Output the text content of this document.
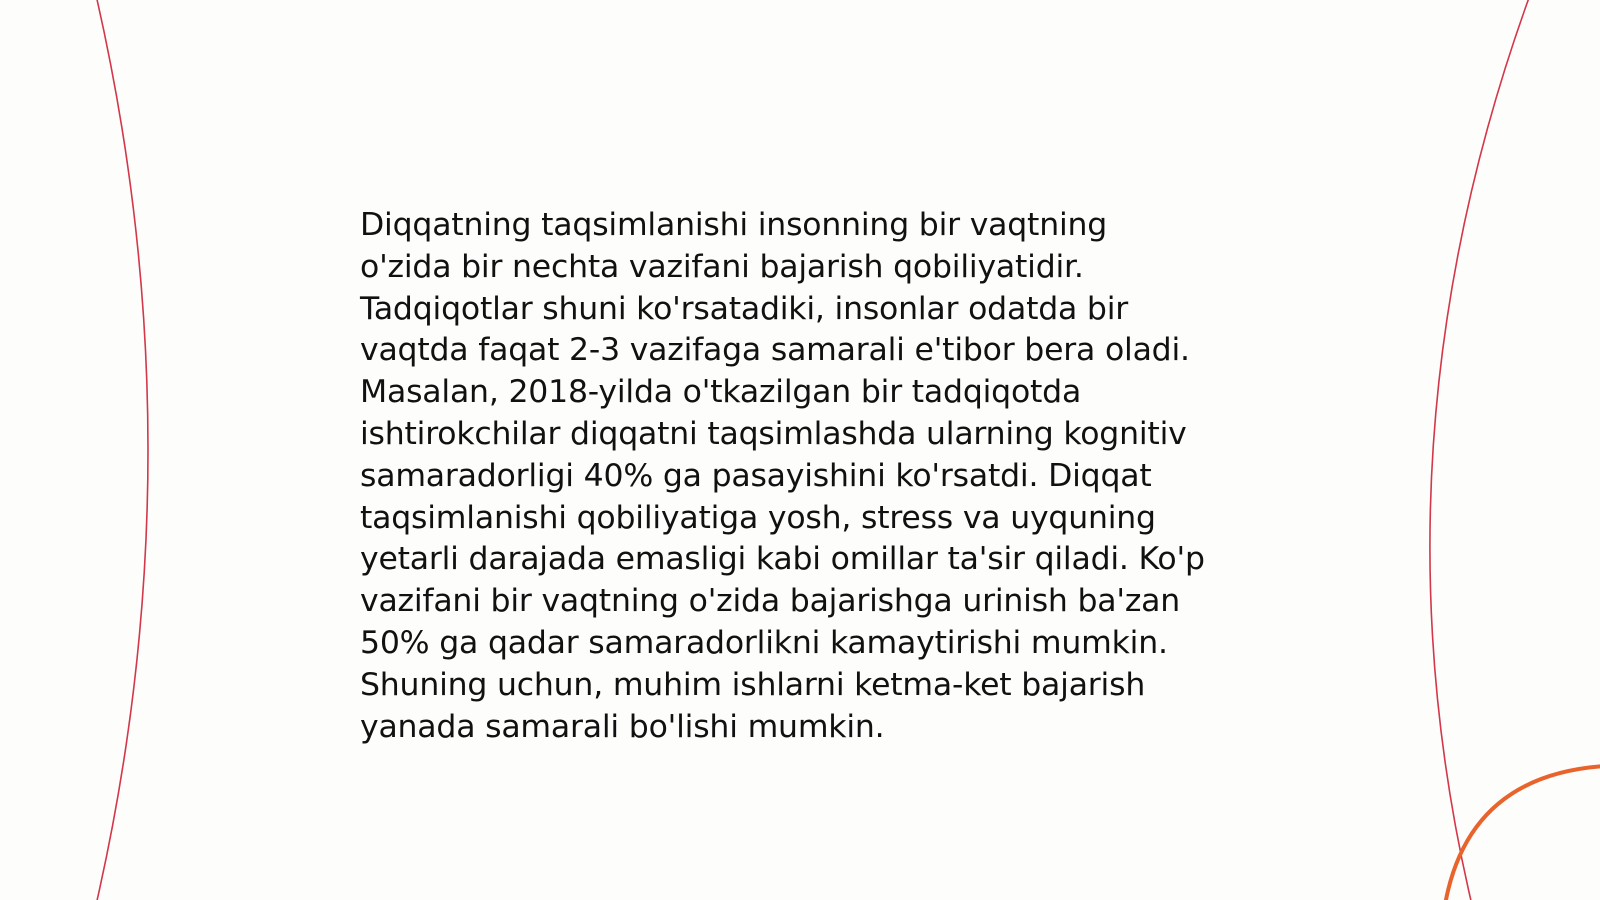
Diqqatning taqsimlanishi insonning bir vaqtning
o'zida bir nechta vazifani bajarish qobiliyatidir.
Tadqiqotlar shuni ko'rsatadiki, insonlar odatda bir
vaqtda faqat 2-3 vazifaga samarali e'tibor bera oladi.
Masalan, 2018-yilda o'tkazilgan bir tadqiqotda
ishtirokchilar diqqatni taqsimlashda ularning kognitiv
samaradorligi 40% ga pasayishini ko'rsatdi. Diqqat
taqsimlanishi qobiliyatiga yosh, stress va uyquning
yetarli darajada emasligi kabi omillar ta'sir qiladi. Ko'p
vazifani bir vaqtning o'zida bajarishga urinish ba'zan
50% ga qadar samaradorlikni kamaytirishi mumkin.
Shuning uchun, muhim ishlarni ketma-ket bajarish
yanada samarali bo'lishi mumkin.
